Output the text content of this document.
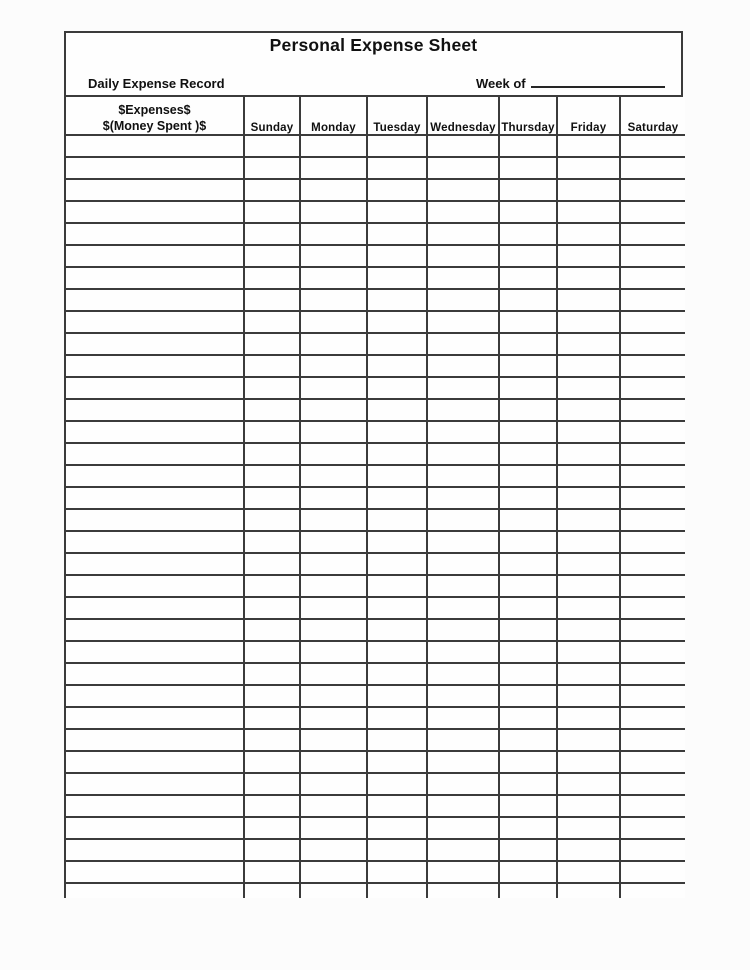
Personal Expense Sheet
Daily Expense Record	Week of
$Expenses$
$(Money Spent )$	Sunday	Monday	Tuesday	Wednesday	Thursday	Friday	Saturday
